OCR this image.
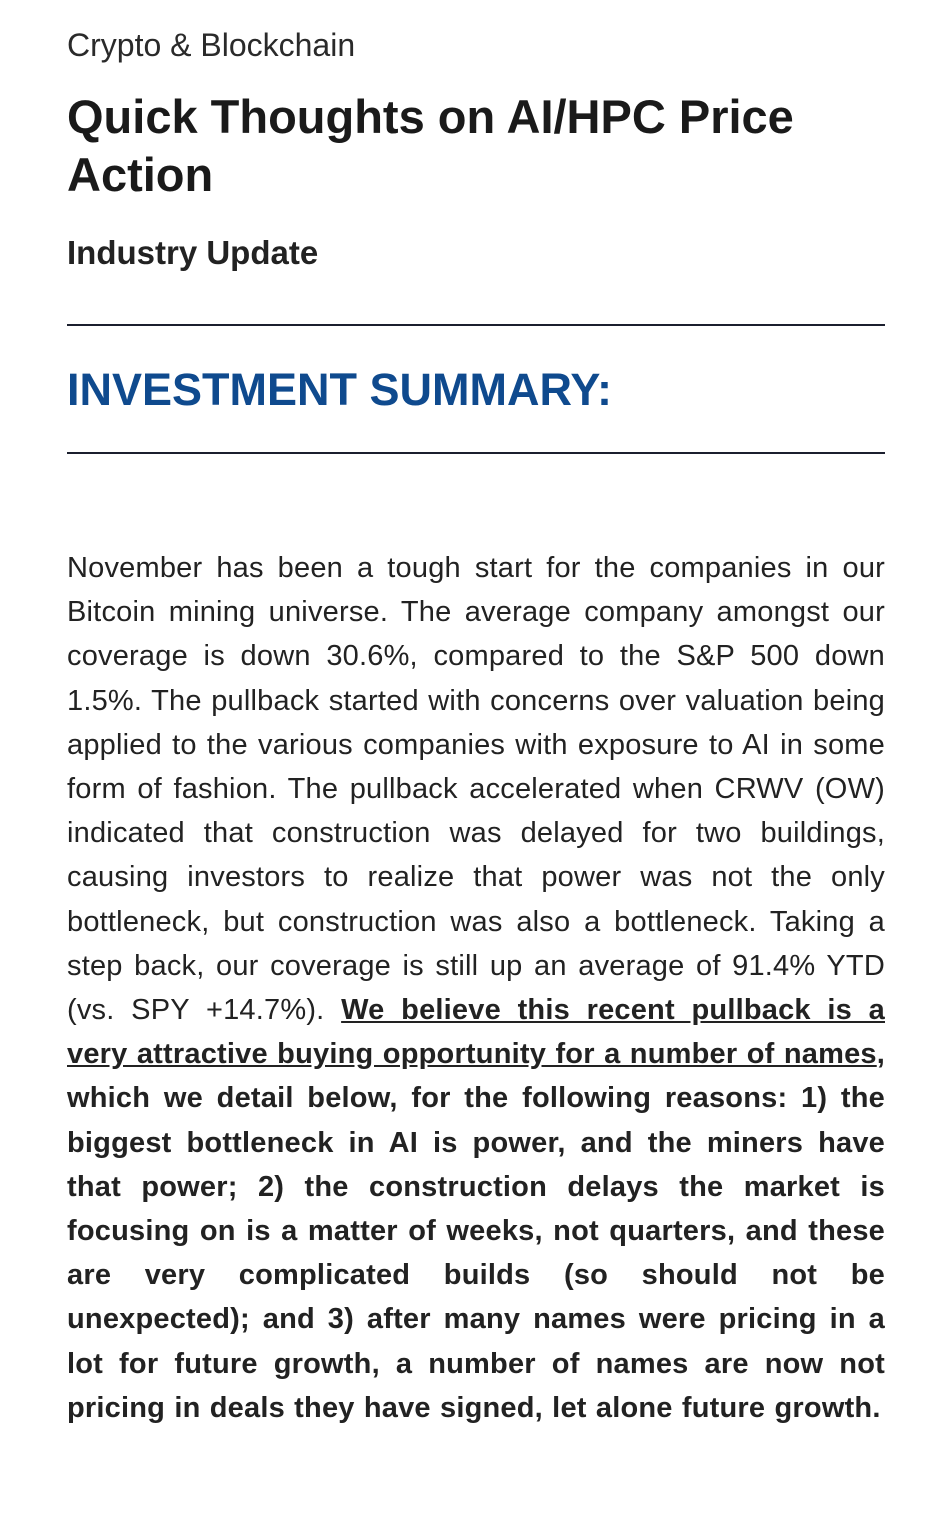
Crypto & Blockchain
Quick Thoughts on AI/HPC Price Action
Industry Update
INVESTMENT SUMMARY:

November has been a tough start for the companies in our Bitcoin mining universe. The average company amongst our coverage is down 30.6%, compared to the S&P 500 down 1.5%. The pullback started with concerns over valuation being applied to the various companies with exposure to AI in some form of fashion. The pullback accelerated when CRWV (OW) indicated that construction was delayed for two buildings, causing investors to realize that power was not the only bottleneck, but construction was also a bottleneck. Taking a step back, our coverage is still up an average of 91.4% YTD (vs. SPY +14.7%). We believe this recent pullback is a very attractive buying opportunity for a number of names, which we detail below, for the following reasons: 1) the biggest bottleneck in AI is power, and the miners have that power; 2) the construction delays the market is focusing on is a matter of weeks, not quarters, and these are very complicated builds (so should not be unexpected); and 3) after many names were pricing in a lot for future growth, a number of names are now not pricing in deals they have signed, let alone future growth.
